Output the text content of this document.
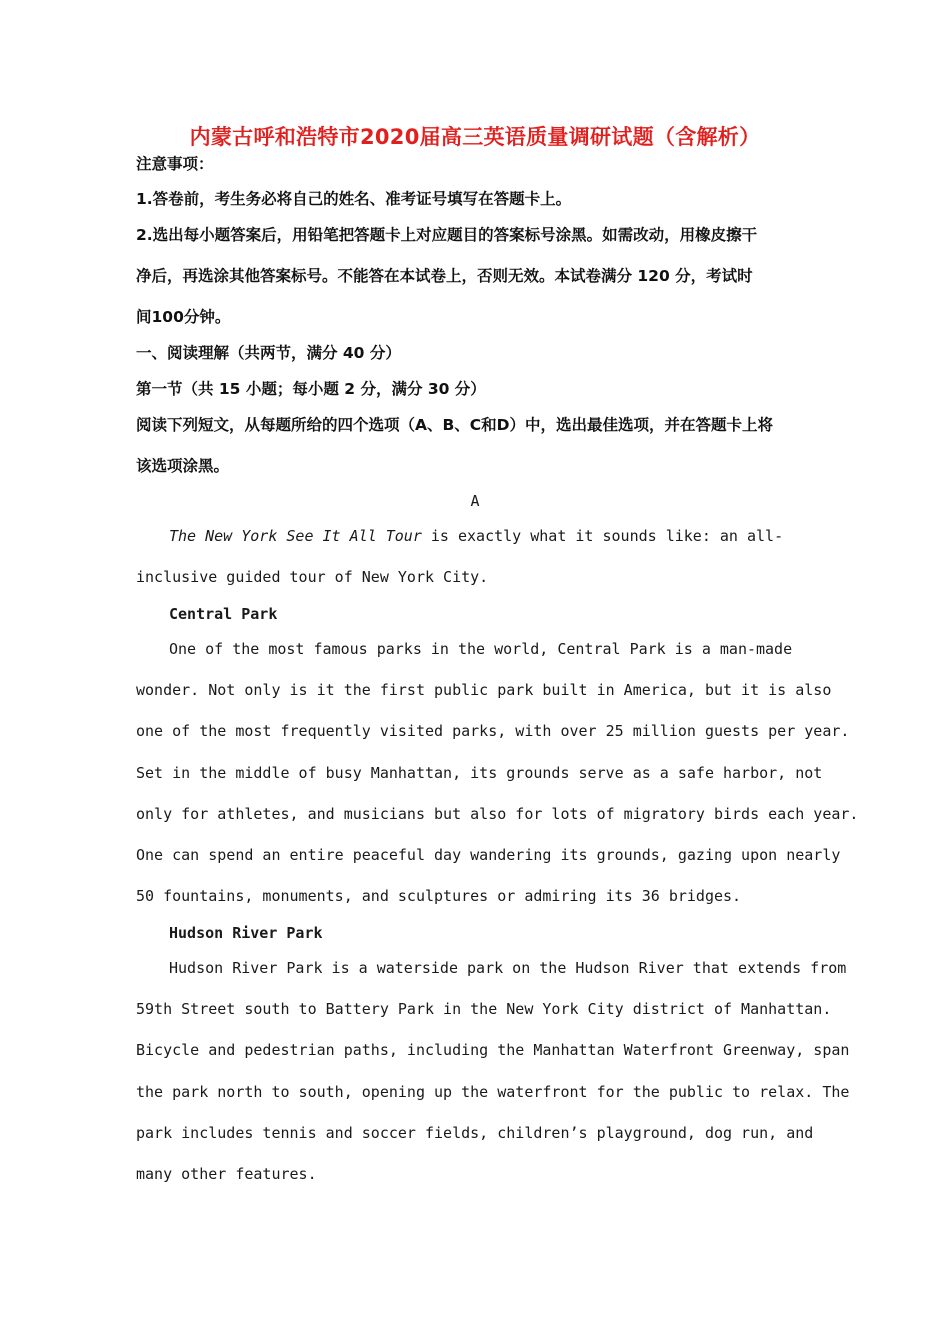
内蒙古呼和浩特市2020届高三英语质量调研试题（含解析）
注意事项：
1.答卷前，考生务必将自己的姓名、准考证号填写在答题卡上。
2.选出每小题答案后，用铅笔把答题卡上对应题目的答案标号涂黑。如需改动，用橡皮擦干
净后，再选涂其他答案标号。不能答在本试卷上，否则无效。本试卷满分 120 分，考试时
间100分钟。
一、阅读理解（共两节，满分 40 分）
第一节（共 15 小题；每小题 2 分，满分 30 分）
阅读下列短文，从每题所给的四个选项（A、B、C和D）中，选出最佳选项，并在答题卡上将
该选项涂黑。
A
The New York See It All Tour is exactly what it sounds like: an all-
inclusive guided tour of New York City.
Central Park
One of the most famous parks in the world, Central Park is a man-made
wonder. Not only is it the first public park built in America, but it is also
one of the most frequently visited parks, with over 25 million guests per year.
Set in the middle of busy Manhattan, its grounds serve as a safe harbor, not
only for athletes, and musicians but also for lots of migratory birds each year.
One can spend an entire peaceful day wandering its grounds, gazing upon nearly
50 fountains, monuments, and sculptures or admiring its 36 bridges.
Hudson River Park
Hudson River Park is a waterside park on the Hudson River that extends from
59th Street south to Battery Park in the New York City district of Manhattan.
Bicycle and pedestrian paths, including the Manhattan Waterfront Greenway, span
the park north to south, opening up the waterfront for the public to relax. The
park includes tennis and soccer fields, children’s playground, dog run, and
many other features.
